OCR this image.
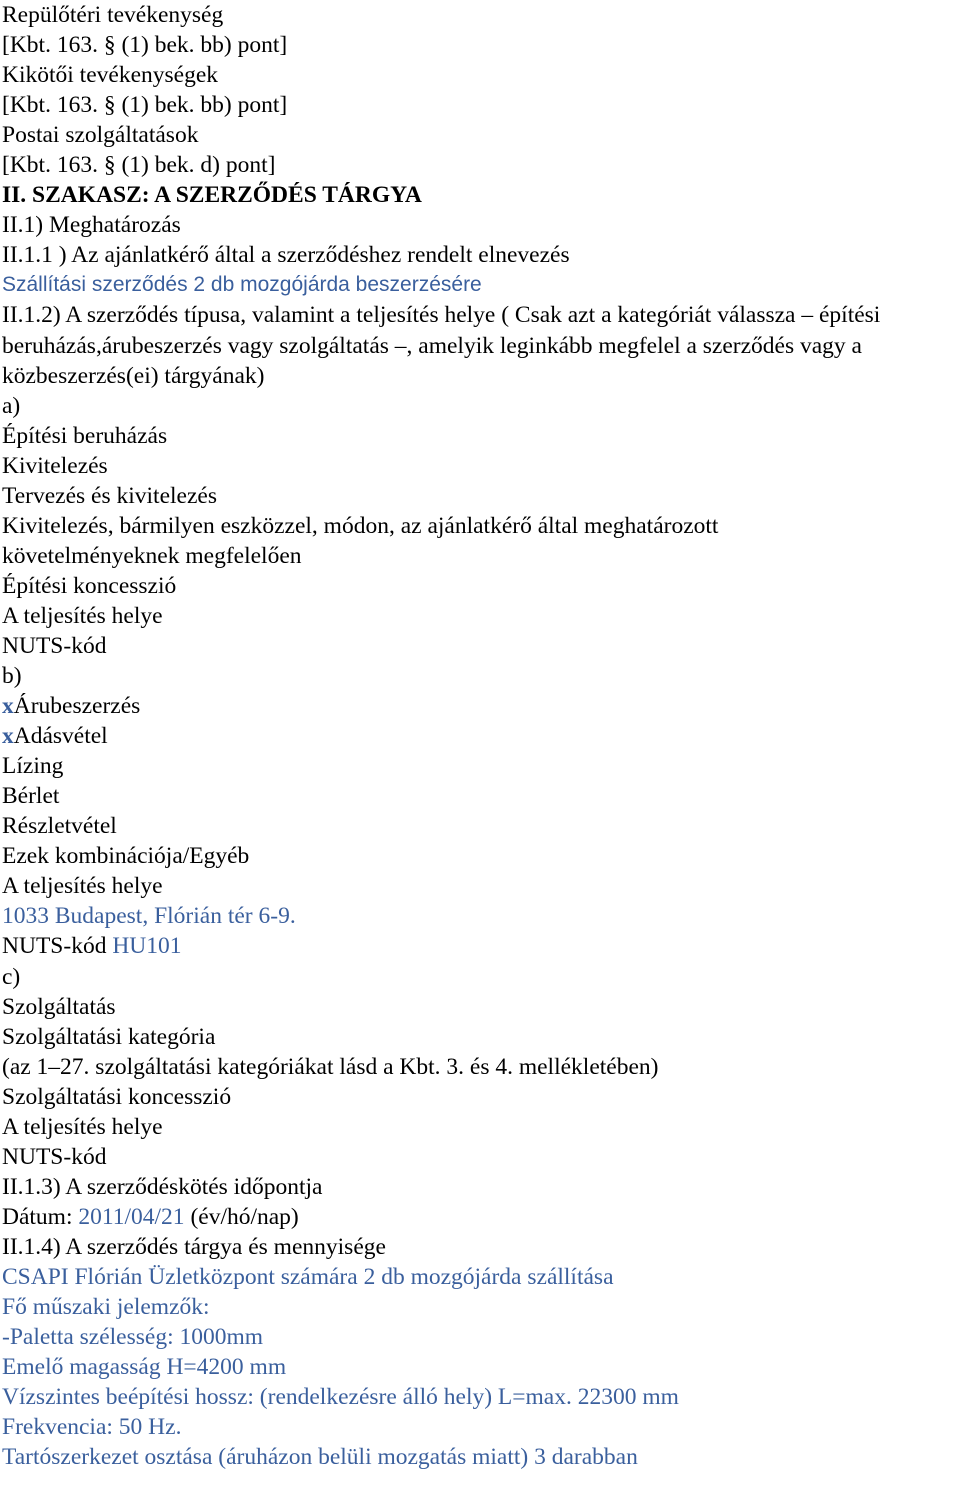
Repülőtéri tevékenység
[Kbt. 163. § (1) bek. bb) pont]
Kikötői tevékenységek
[Kbt. 163. § (1) bek. bb) pont]
Postai szolgáltatások
[Kbt. 163. § (1) bek. d) pont]
II. SZAKASZ: A SZERZŐDÉS TÁRGYA
II.1) Meghatározás
II.1.1 ) Az ajánlatkérő által a szerződéshez rendelt elnevezés
Szállítási szerződés 2 db mozgójárda beszerzésére
II.1.2) A szerződés típusa, valamint a teljesítés helye ( Csak azt a kategóriát válassza – építési beruházás,árubeszerzés vagy szolgáltatás –, amelyik leginkább megfelel a szerződés vagy a közbeszerzés(ei) tárgyának)
a)
Építési beruházás
Kivitelezés
Tervezés és kivitelezés
Kivitelezés, bármilyen eszközzel, módon, az ajánlatkérő által meghatározott
követelményeknek megfelelően
Építési koncesszió
A teljesítés helye
NUTS-kód
b)
xÁrubeszerzés
xAdásvétel
Lízing
Bérlet
Részletvétel
Ezek kombinációja/Egyéb
A teljesítés helye
1033 Budapest, Flórián tér 6-9.
NUTS-kód HU101
c)
Szolgáltatás
Szolgáltatási kategória
(az 1–27. szolgáltatási kategóriákat lásd a Kbt. 3. és 4. mellékletében)
Szolgáltatási koncesszió
A teljesítés helye
NUTS-kód
II.1.3) A szerződéskötés időpontja
Dátum: 2011/04/21 (év/hó/nap)
II.1.4) A szerződés tárgya és mennyisége
CSAPI Flórián Üzletközpont számára 2 db mozgójárda szállítása
Fő műszaki jelemzők:
-Paletta szélesség: 1000mm
Emelő magasság H=4200 mm
Vízszintes beépítési hossz: (rendelkezésre álló hely) L=max. 22300 mm
Frekvencia: 50 Hz.
Tartószerkezet osztása (áruházon belüli mozgatás miatt) 3 darabban
